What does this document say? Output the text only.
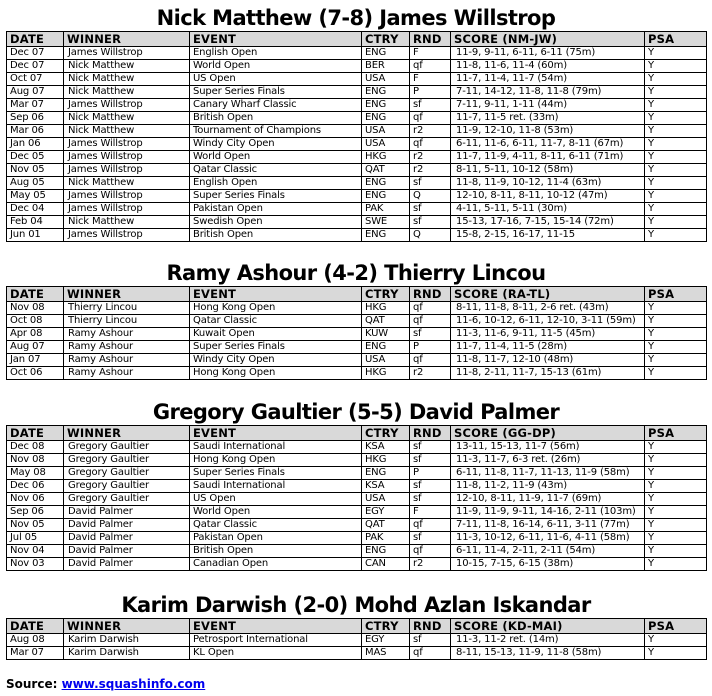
Nick Matthew (7-8) James Willstrop
DATE	WINNER	EVENT	CTRY	RND	SCORE (NM-JW)	PSA
Dec 07	James Willstrop	English Open	ENG	F	11-9, 9-11, 6-11, 6-11 (75m)	Y
Dec 07	Nick Matthew	World Open	BER	qf	11-8, 11-6, 11-4 (60m)	Y
Oct 07	Nick Matthew	US Open	USA	F	11-7, 11-4, 11-7 (54m)	Y
Aug 07	Nick Matthew	Super Series Finals	ENG	P	7-11, 14-12, 11-8, 11-8 (79m)	Y
Mar 07	James Willstrop	Canary Wharf Classic	ENG	sf	7-11, 9-11, 1-11 (44m)	Y
Sep 06	Nick Matthew	British Open	ENG	qf	11-7, 11-5 ret. (33m)	Y
Mar 06	Nick Matthew	Tournament of Champions	USA	r2	11-9, 12-10, 11-8 (53m)	Y
Jan 06	James Willstrop	Windy City Open	USA	qf	6-11, 11-6, 6-11, 11-7, 8-11 (67m)	Y
Dec 05	James Willstrop	World Open	HKG	r2	11-7, 11-9, 4-11, 8-11, 6-11 (71m)	Y
Nov 05	James Willstrop	Qatar Classic	QAT	r2	8-11, 5-11, 10-12 (58m)	Y
Aug 05	Nick Matthew	English Open	ENG	sf	11-8, 11-9, 10-12, 11-4 (63m)	Y
May 05	James Willstrop	Super Series Finals	ENG	Q	12-10, 8-11, 8-11, 10-12 (47m)	Y
Dec 04	James Willstrop	Pakistan Open	PAK	sf	4-11, 5-11, 5-11 (30m)	Y
Feb 04	Nick Matthew	Swedish Open	SWE	sf	15-13, 17-16, 7-15, 15-14 (72m)	Y
Jun 01	James Willstrop	British Open	ENG	Q	15-8, 2-15, 16-17, 11-15	Y
Ramy Ashour (4-2) Thierry Lincou
DATE	WINNER	EVENT	CTRY	RND	SCORE (RA-TL)	PSA
Nov 08	Thierry Lincou	Hong Kong Open	HKG	qf	8-11, 11-8, 8-11, 2-6 ret. (43m)	Y
Oct 08	Thierry Lincou	Qatar Classic	QAT	qf	11-6, 10-12, 6-11, 12-10, 3-11 (59m)	Y
Apr 08	Ramy Ashour	Kuwait Open	KUW	sf	11-3, 11-6, 9-11, 11-5 (45m)	Y
Aug 07	Ramy Ashour	Super Series Finals	ENG	P	11-7, 11-4, 11-5 (28m)	Y
Jan 07	Ramy Ashour	Windy City Open	USA	qf	11-8, 11-7, 12-10 (48m)	Y
Oct 06	Ramy Ashour	Hong Kong Open	HKG	r2	11-8, 2-11, 11-7, 15-13 (61m)	Y
Gregory Gaultier (5-5) David Palmer
DATE	WINNER	EVENT	CTRY	RND	SCORE (GG-DP)	PSA
Dec 08	Gregory Gaultier	Saudi International	KSA	sf	13-11, 15-13, 11-7 (56m)	Y
Nov 08	Gregory Gaultier	Hong Kong Open	HKG	sf	11-3, 11-7, 6-3 ret. (26m)	Y
May 08	Gregory Gaultier	Super Series Finals	ENG	P	6-11, 11-8, 11-7, 11-13, 11-9 (58m)	Y
Dec 06	Gregory Gaultier	Saudi International	KSA	sf	11-8, 11-2, 11-9 (43m)	Y
Nov 06	Gregory Gaultier	US Open	USA	sf	12-10, 8-11, 11-9, 11-7 (69m)	Y
Sep 06	David Palmer	World Open	EGY	F	11-9, 11-9, 9-11, 14-16, 2-11 (103m)	Y
Nov 05	David Palmer	Qatar Classic	QAT	qf	7-11, 11-8, 16-14, 6-11, 3-11 (77m)	Y
Jul 05	David Palmer	Pakistan Open	PAK	sf	11-3, 10-12, 6-11, 11-6, 4-11 (58m)	Y
Nov 04	David Palmer	British Open	ENG	qf	6-11, 11-4, 2-11, 2-11 (54m)	Y
Nov 03	David Palmer	Canadian Open	CAN	r2	10-15, 7-15, 6-15 (38m)	Y
Karim Darwish (2-0) Mohd Azlan Iskandar
DATE	WINNER	EVENT	CTRY	RND	SCORE (KD-MAI)	PSA
Aug 08	Karim Darwish	Petrosport International	EGY	sf	11-3, 11-2 ret. (14m)	Y
Mar 07	Karim Darwish	KL Open	MAS	qf	8-11, 15-13, 11-9, 11-8 (58m)	Y
Source: www.squashinfo.com
